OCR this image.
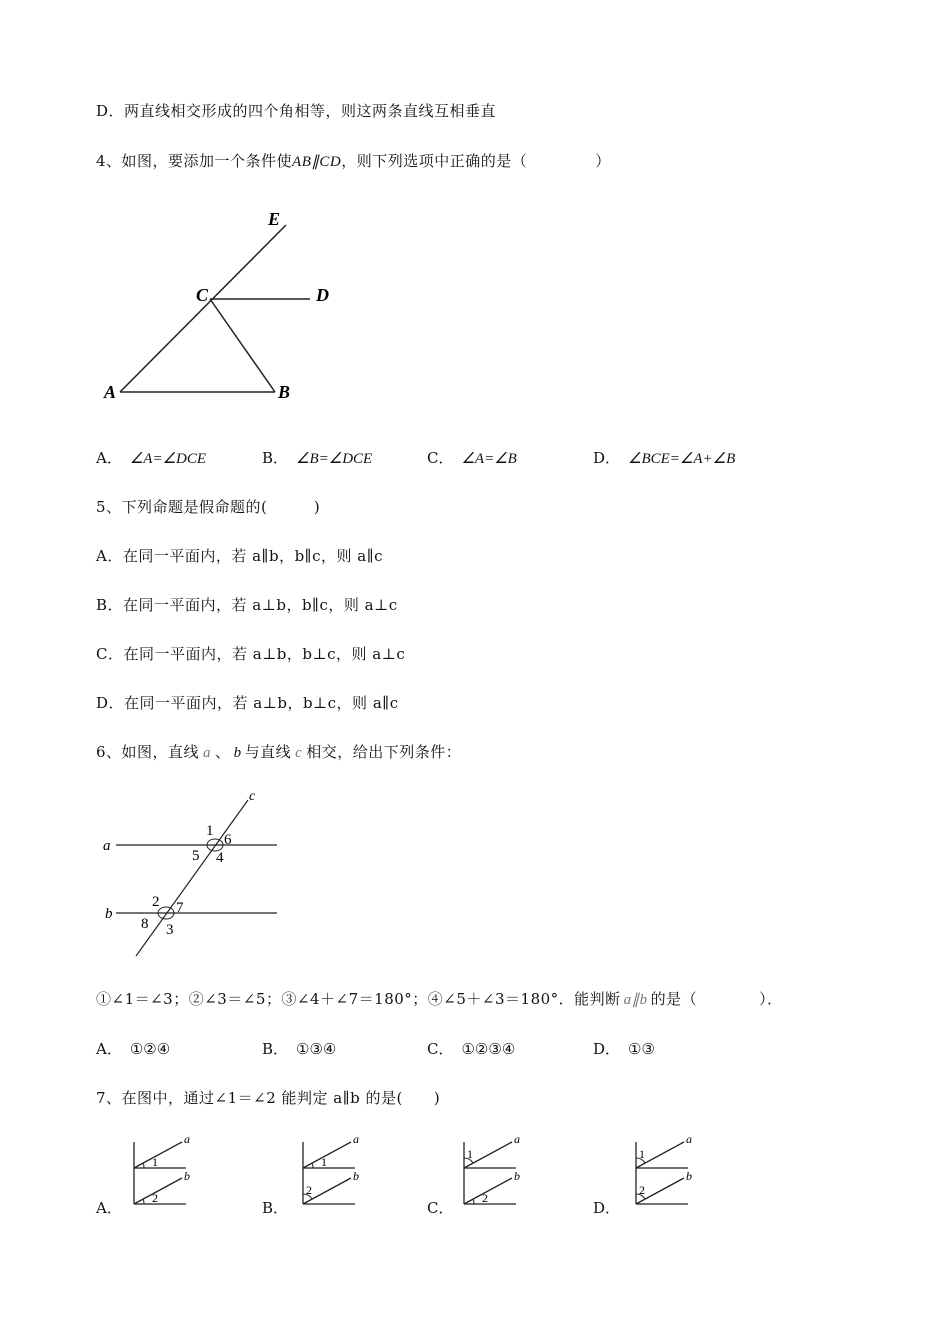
D．两直线相交形成的四个角相等，则这两条直线互相垂直
4、如图，要添加一个条件使AB∥CD，则下列选项中正确的是（	）
E
C	D
A	B
A． ∠A=∠DCE	B． ∠B=∠DCE	C． ∠A=∠B	D． ∠BCE=∠A+∠B
5、下列命题是假命题的(　　　)
A．在同一平面内，若 a∥b，b∥c，则 a∥c
B．在同一平面内，若 a⊥b，b∥c，则 a⊥c
C．在同一平面内，若 a⊥b，b⊥c，则 a⊥c
D．在同一平面内，若 a⊥b，b⊥c，则 a∥c
6、如图，直线 a 、 b 与直线 c 相交，给出下列条件：
c
a
b
1
6
5 4
2 7
8 3
①∠1＝∠3；②∠3＝∠5；③∠4＋∠7＝180°；④∠5＋∠3＝180°．能判断 a∥b 的是（　　　　）．
A． ①②④	B． ①③④	C． ①②③④	D． ①③
7、在图中，通过∠1＝∠2 能判定 a∥b 的是(　　)
A．
a
b
1
2
B．
a
b
1
2
C．
a
b
1
2
D．
a
b
1
2
